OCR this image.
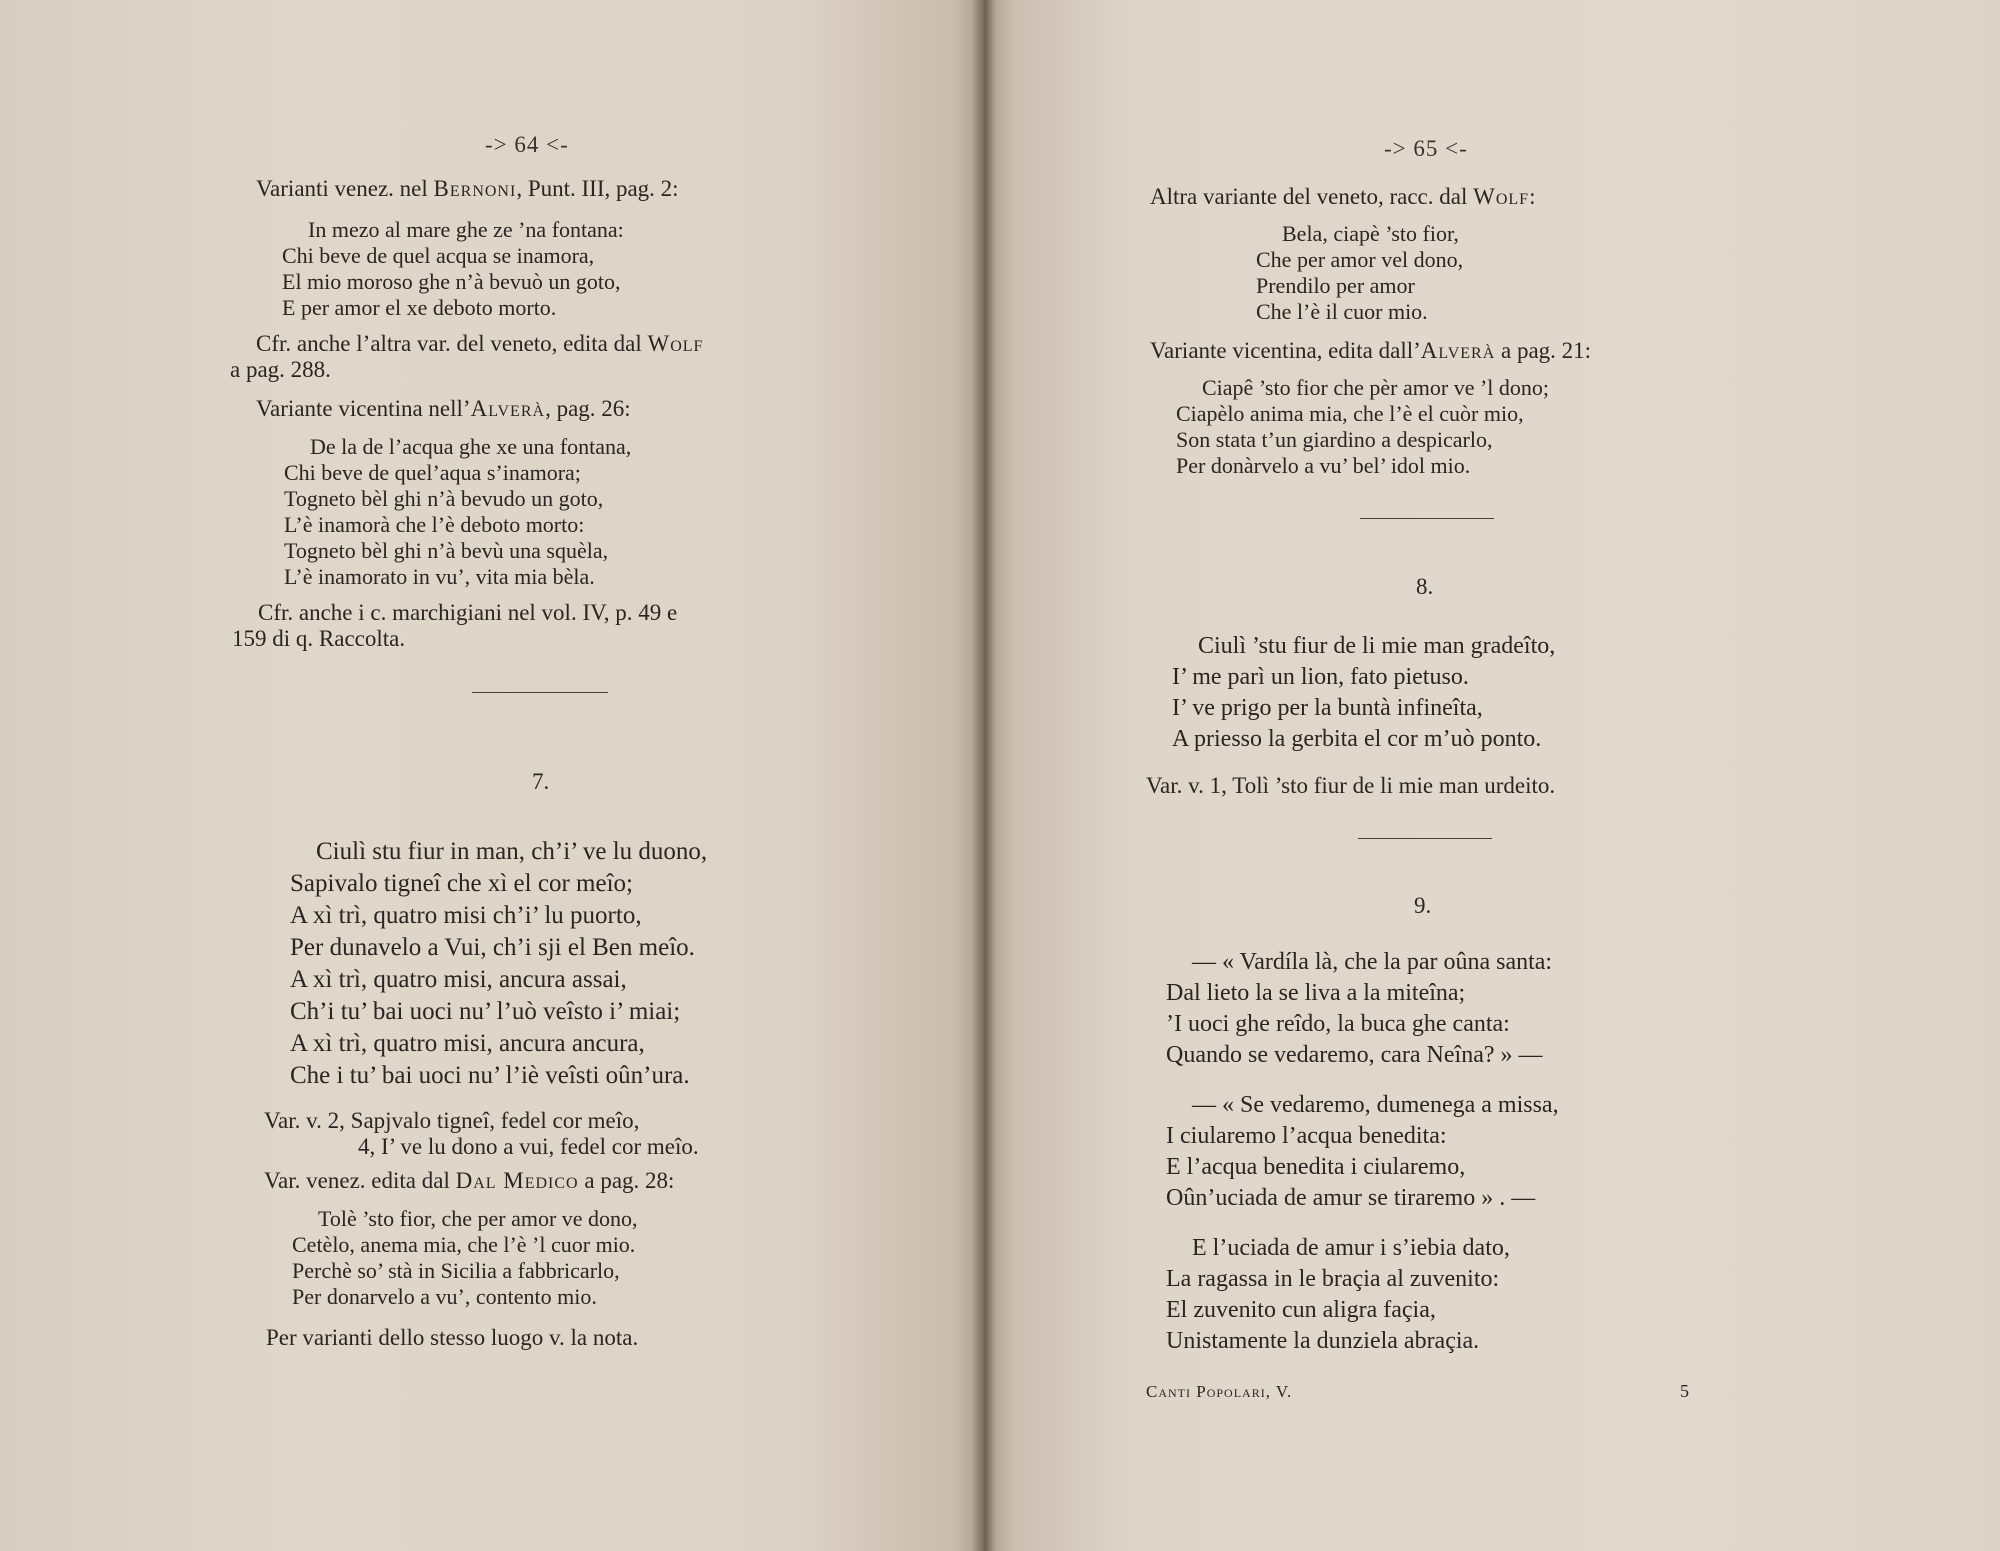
-> 64 <-
Varianti venez. nel Bernoni, Punt. III, pag. 2:
In mezo al mare ghe ze ’na fontana:
Chi beve de quel acqua se inamora,
El mio moroso ghe n’à bevuò un goto,
E per amor el xe deboto morto.
Cfr. anche l’altra var. del veneto, edita dal Wolf
a pag. 288.
Variante vicentina nell’Alverà, pag. 26:
De la de l’acqua ghe xe una fontana,
Chi beve de quel’aqua s’inamora;
Togneto bèl ghi n’à bevudo un goto,
L’è inamorà che l’è deboto morto:
Togneto bèl ghi n’à bevù una squèla,
L’è inamorato in vu’, vita mia bèla.
Cfr. anche i c. marchigiani nel vol. IV, p. 49 e
159 di q. Raccolta.
7.
Ciulì stu fiur in man, ch’i’ ve lu duono,
Sapivalo tigneî che xì el cor meîo;
A xì trì, quatro misi ch’i’ lu puorto,
Per dunavelo a Vui, ch’i sji el Ben meîo.
A xì trì, quatro misi, ancura assai,
Ch’i tu’ bai uoci nu’ l’uò veîsto i’ miai;
A xì trì, quatro misi, ancura ancura,
Che i tu’ bai uoci nu’ l’iè veîsti oûn’ura.
Var. v. 2, Sapjvalo tigneî, fedel cor meîo,
4, I’ ve lu dono a vui, fedel cor meîo.
Var. venez. edita dal Dal Medico a pag. 28:
Tolè ’sto fior, che per amor ve dono,
Cetèlo, anema mia, che l’è ’l cuor mio.
Perchè so’ stà in Sicilia a fabbricarlo,
Per donarvelo a vu’, contento mio.
Per varianti dello stesso luogo v. la nota.
-> 65 <-
Altra variante del veneto, racc. dal Wolf:
Bela, ciapè ’sto fior,
Che per amor vel dono,
Prendilo per amor
Che l’è il cuor mio.
Variante vicentina, edita dall’Alverà a pag. 21:
Ciapê ’sto fior che pèr amor ve ’l dono;
Ciapèlo anima mia, che l’è el cuòr mio,
Son stata t’un giardino a despicarlo,
Per donàrvelo a vu’ bel’ idol mio.
8.
Ciulì ’stu fiur de li mie man gradeîto,
I’ me parì un lion, fato pietuso.
I’ ve prigo per la buntà infineîta,
A priesso la gerbita el cor m’uò ponto.
Var. v. 1, Tolì ’sto fiur de li mie man urdeito.
9.
— « Vardíla là, che la par oûna santa:
Dal lieto la se liva a la miteîna;
’I uoci ghe reîdo, la buca ghe canta:
Quando se vedaremo, cara Neîna? » —
— « Se vedaremo, dumenega a missa,
I ciularemo l’acqua benedita:
E l’acqua benedita i ciularemo,
Oûn’uciada de amur se tiraremo » . —
E l’uciada de amur i s’iebia dato,
La ragassa in le braçia al zuvenito:
El zuvenito cun aligra façia,
Unistamente la dunziela abraçia.
Canti Popolari, V.	5
